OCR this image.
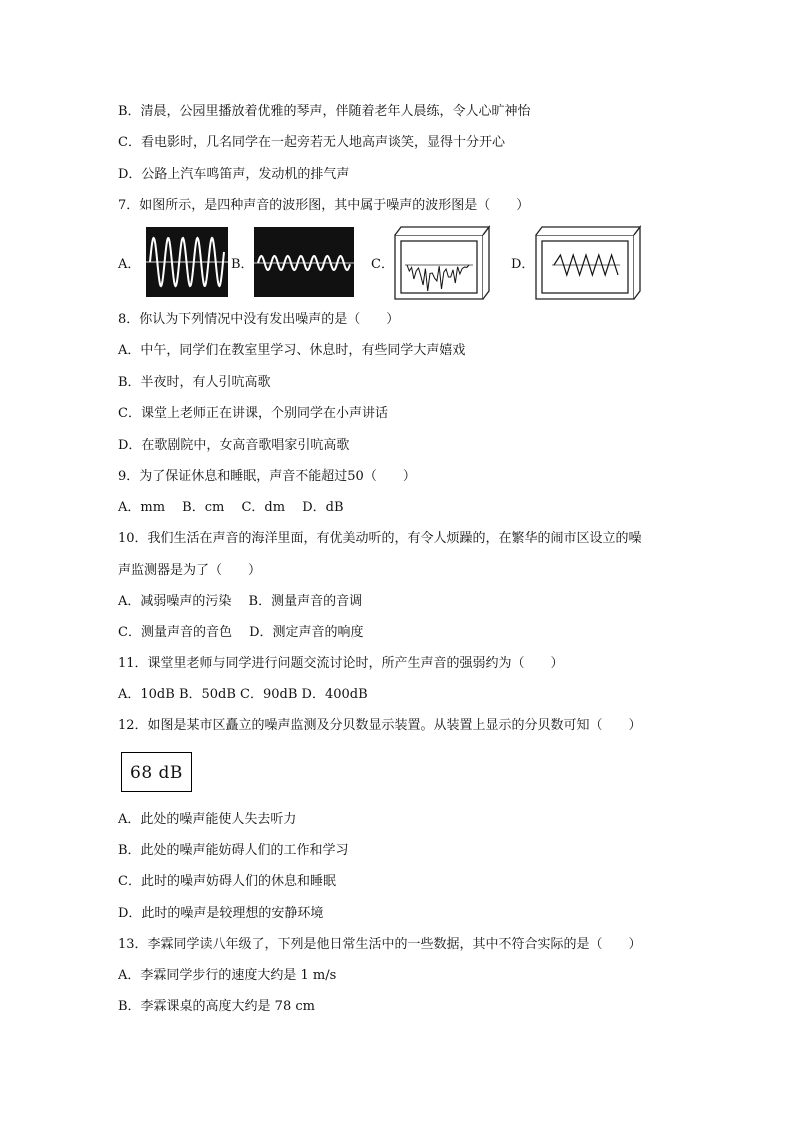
B．清晨，公园里播放着优雅的琴声，伴随着老年人晨练，令人心旷神怡
C．看电影时，几名同学在一起旁若无人地高声谈笑，显得十分开心
D．公路上汽车鸣笛声，发动机的排气声
7．如图所示，是四种声音的波形图，其中属于噪声的波形图是（　　）
A．	B．	C．	D．
8．你认为下列情况中没有发出噪声的是（　　）
A．中午，同学们在教室里学习、休息时，有些同学大声嬉戏
B．半夜时，有人引吭高歌
C．课堂上老师正在讲课，个别同学在小声讲话
D．在歌剧院中，女高音歌唱家引吭高歌
9．为了保证休息和睡眠，声音不能超过50（　　）
A．mm　 B．cm　 C．dm　 D．dB
10．我们生活在声音的海洋里面，有优美动听的，有令人烦躁的，在繁华的闹市区设立的噪
声监测器是为了（　　）
A．减弱噪声的污染　 B．测量声音的音调
C．测量声音的音色　 D．测定声音的响度
11．课堂里老师与同学进行问题交流讨论时，所产生声音的强弱约为（　　）
A．10dB B．50dB C．90dB D．400dB
12．如图是某市区矗立的噪声监测及分贝数显示装置。从装置上显示的分贝数可知（　　）
68 dB
A．此处的噪声能使人失去听力
B．此处的噪声能妨碍人们的工作和学习
C．此时的噪声妨碍人们的休息和睡眠
D．此时的噪声是较理想的安静环境
13．李霖同学读八年级了，下列是他日常生活中的一些数据，其中不符合实际的是（　　）
A．李霖同学步行的速度大约是 1 m/s
B．李霖课桌的高度大约是 78 cm
